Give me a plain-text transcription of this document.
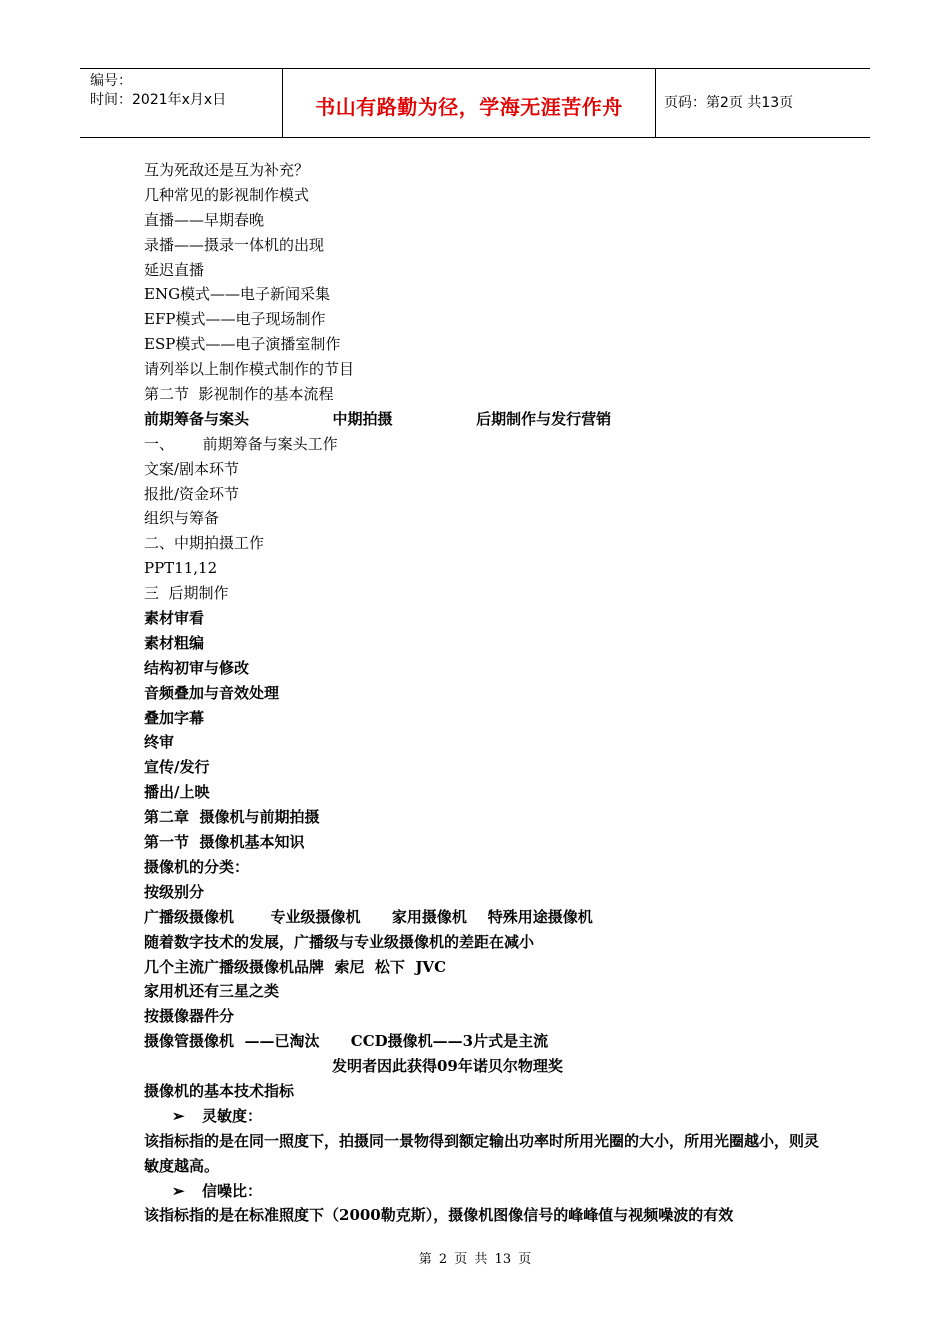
编号：
时间：2021年x月x日	书山有路勤为径，学海无涯苦作舟	页码：第2页 共13页
互为死敌还是互为补充？
几种常见的影视制作模式
直播——早期春晚
录播——摄录一体机的出现
延迟直播
ENG模式——电子新闻采集
EFP模式——电子现场制作
ESP模式——电子演播室制作
请列举以上制作模式制作的节目
第二节  影视制作的基本流程
前期筹备与案头                中期拍摄                后期制作与发行营销
一、      前期筹备与案头工作
文案/剧本环节
报批/资金环节
组织与筹备
二、中期拍摄工作
PPT11,12
三  后期制作
素材审看
素材粗编
结构初审与修改
音频叠加与音效处理
叠加字幕
终审
宣传/发行
播出/上映
第二章  摄像机与前期拍摄
第一节  摄像机基本知识
摄像机的分类：
按级别分
广播级摄像机       专业级摄像机      家用摄像机    特殊用途摄像机
随着数字技术的发展，广播级与专业级摄像机的差距在减小
几个主流广播级摄像机品牌  索尼  松下  JVC
家用机还有三星之类
按摄像器件分
摄像管摄像机  ——已淘汰      CCD摄像机——3片式是主流
发明者因此获得09年诺贝尔物理奖
摄像机的基本技术指标
➢ 灵敏度：
该指标指的是在同一照度下，拍摄同一景物得到额定输出功率时所用光圈的大小，所用光圈越小，则灵敏度越高。
➢ 信噪比：
该指标指的是在标准照度下（2000勒克斯），摄像机图像信号的峰峰值与视频噪波的有效
第 2 页 共 13 页
